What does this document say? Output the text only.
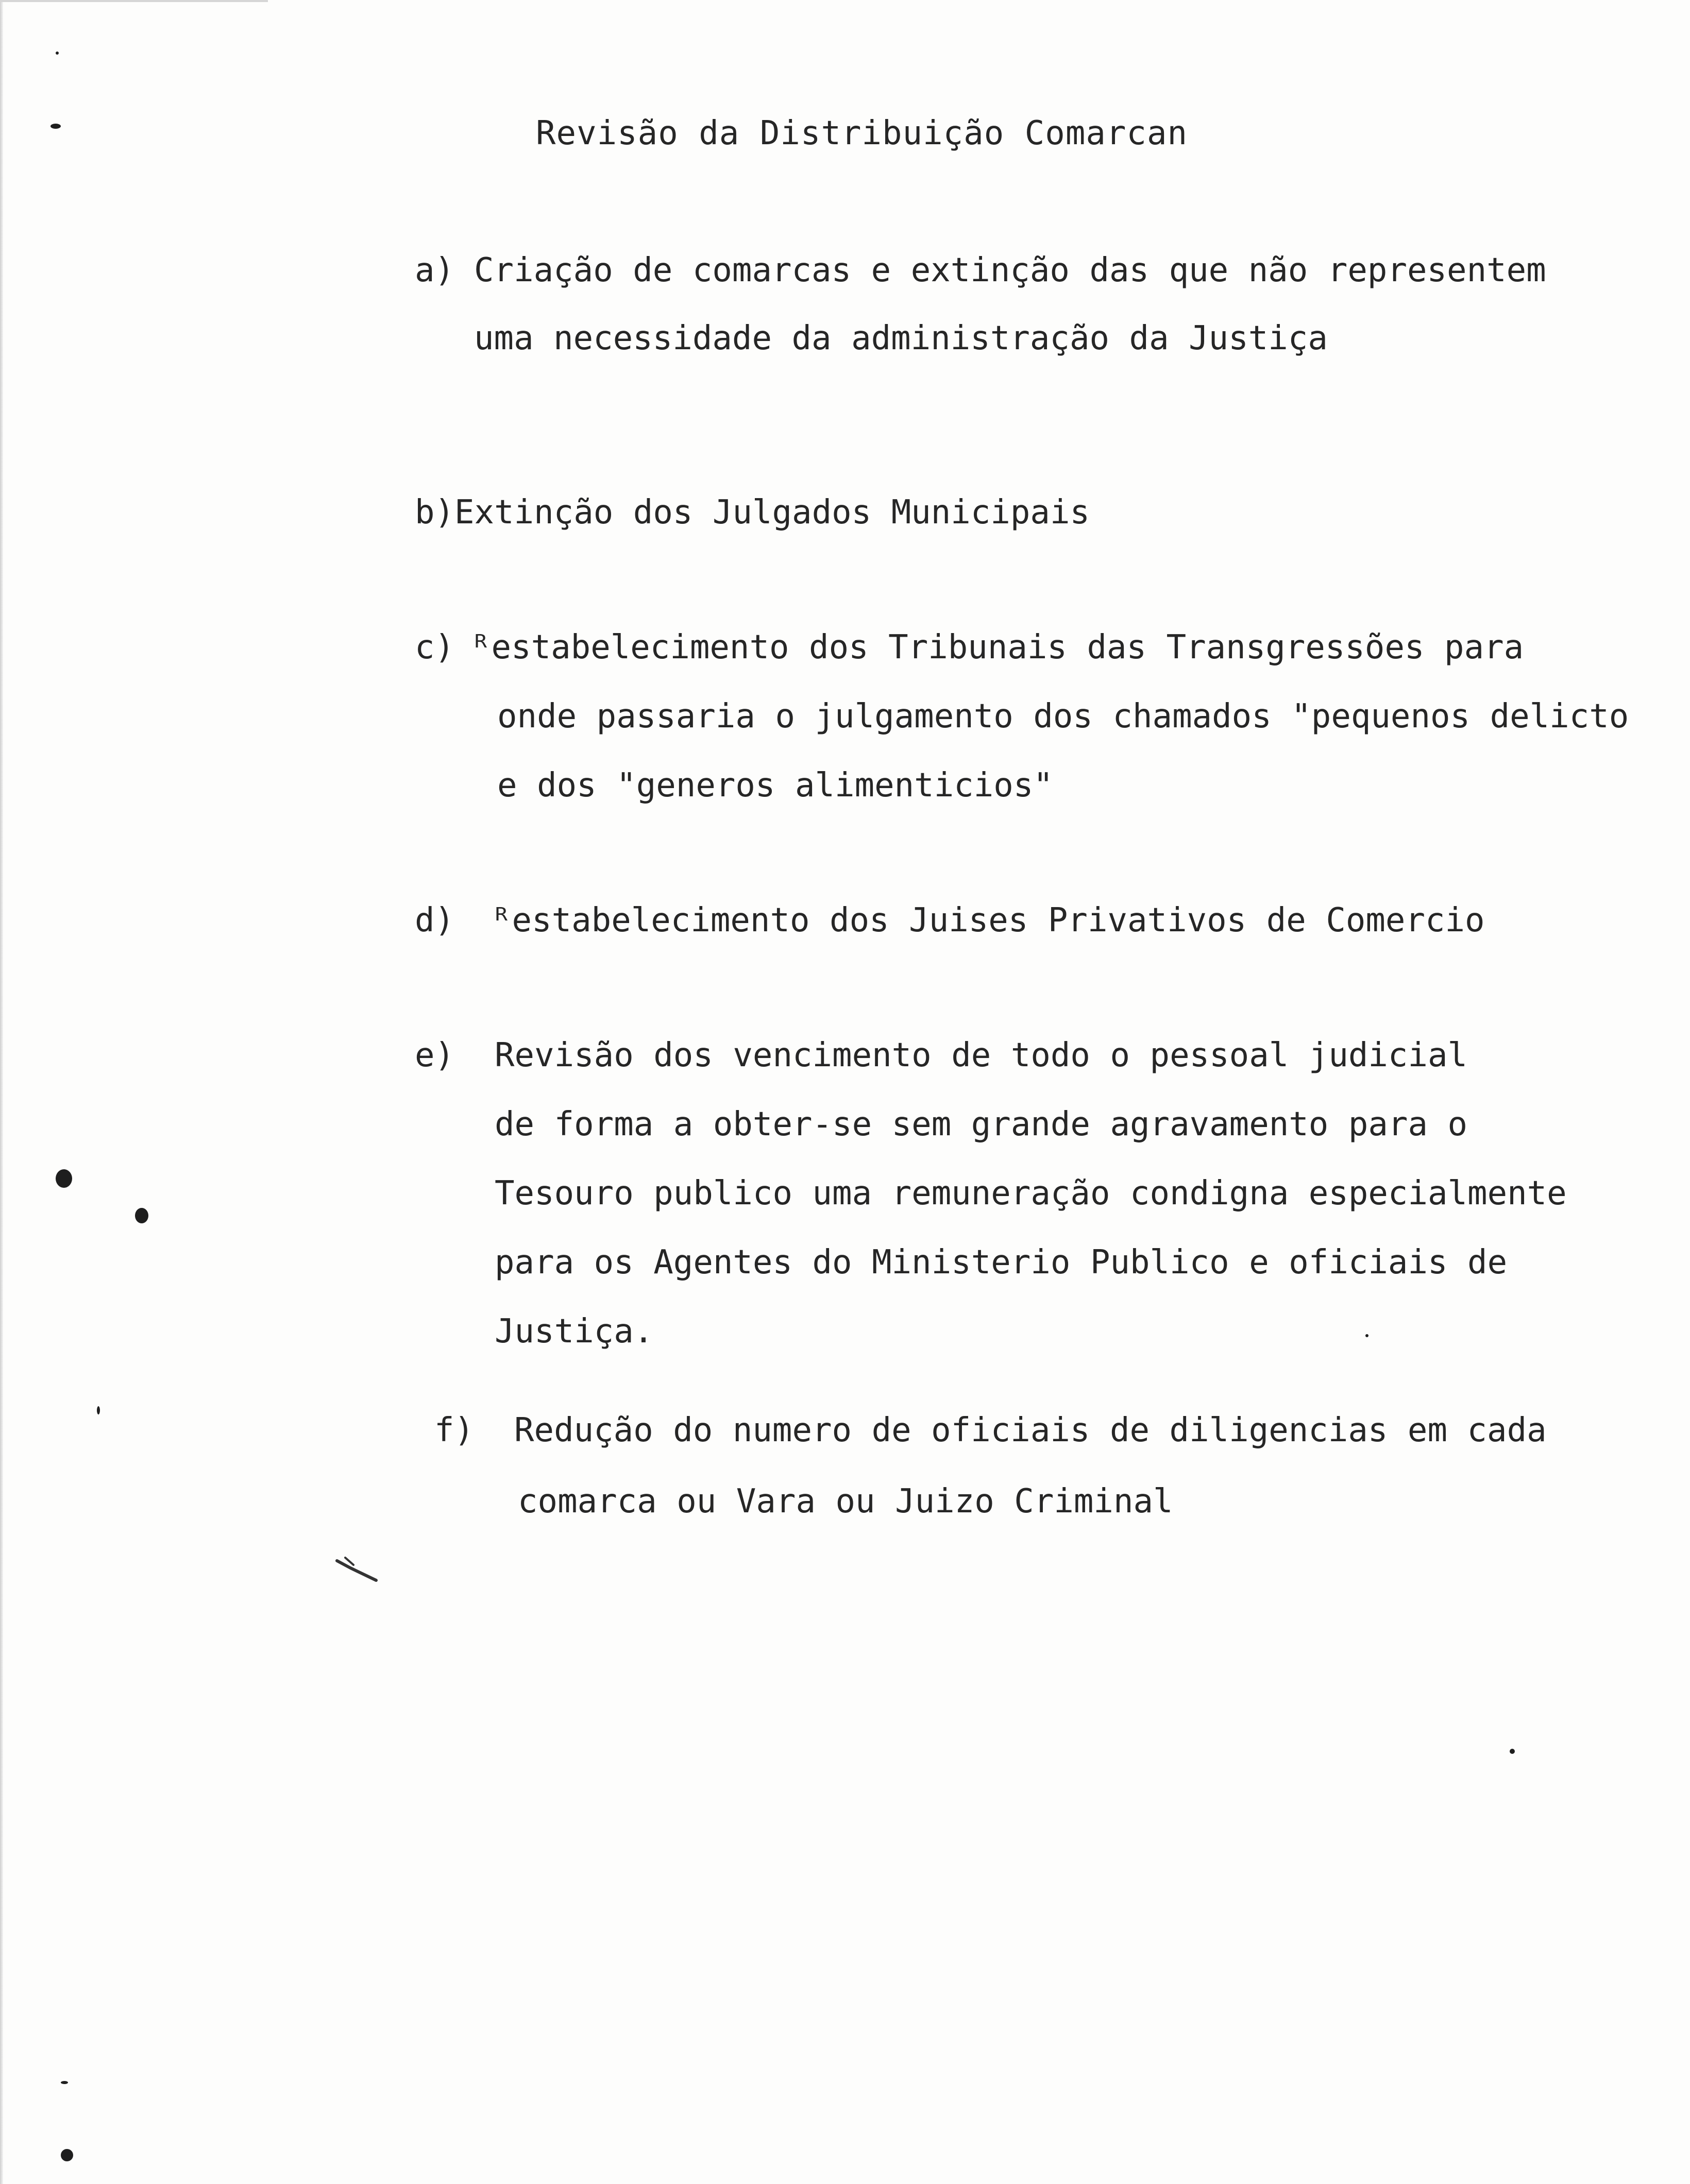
Revisão da Distribuição Comarcan
a) Criação de comarcas e extinção das que não representem
uma necessidade da administração da Justiça
b) Extinção dos Julgados Municipais
c) ᴿestabelecimento dos Tribunais das Transgressões para
onde passaria o julgamento dos chamados "pequenos delicto
e dos "generos alimenticios"
d) ᴿestabelecimento dos Juises Privativos de Comercio
e) Revisão dos vencimento de todo o pessoal judicial
de forma a obter-se sem grande agravamento para o
Tesouro publico uma remuneração condigna especialmente
para os Agentes do Ministerio Publico e oficiais de
Justiça.
f) Redução do numero de oficiais de diligencias em cada
comarca ou Vara ou Juizo Criminal
